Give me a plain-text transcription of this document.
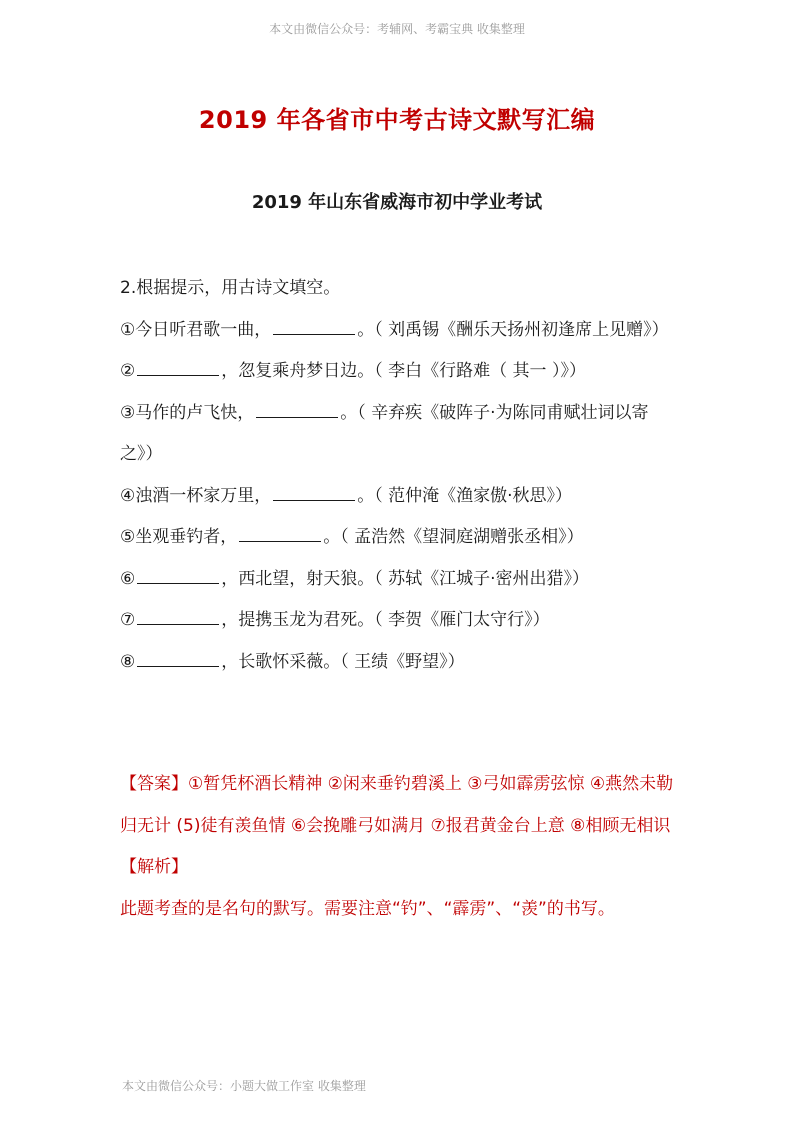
本文由微信公众号：考辅网、考霸宝典 收集整理
2019 年各省市中考古诗文默写汇编
2019 年山东省威海市初中学业考试

2.根据提示，用古诗文填空。

①今日听君歌一曲，	。（ 刘禹锡《酬乐天扬州初逢席上见赠》）

②	，忽复乘舟梦日边。（ 李白《行路难（ 其一 ）》）

③马作的卢飞快，	。（ 辛弃疾《破阵子·为陈同甫赋壮词以寄之》）

④浊酒一杯家万里，	。（ 范仲淹《渔家傲·秋思》）

⑤坐观垂钓者，	。（ 孟浩然《望洞庭湖赠张丞相》）

⑥	，西北望，射天狼。（ 苏轼《江城子·密州出猎》）

⑦	，提携玉龙为君死。（ 李贺《雁门太守行》）

⑧	，长歌怀采薇。（ 王绩《野望》）

【答案】①暂凭杯酒长精神 ②闲来垂钓碧溪上 ③弓如霹雳弦惊 ④燕然未勒归无计 (5)徒有羡鱼情 ⑥会挽雕弓如满月 ⑦报君黄金台上意 ⑧相顾无相识

【解析】

此题考查的是名句的默写。需要注意“钓”、“霹雳”、“羡”的书写。

本文由微信公众号：小题大做工作室 收集整理
